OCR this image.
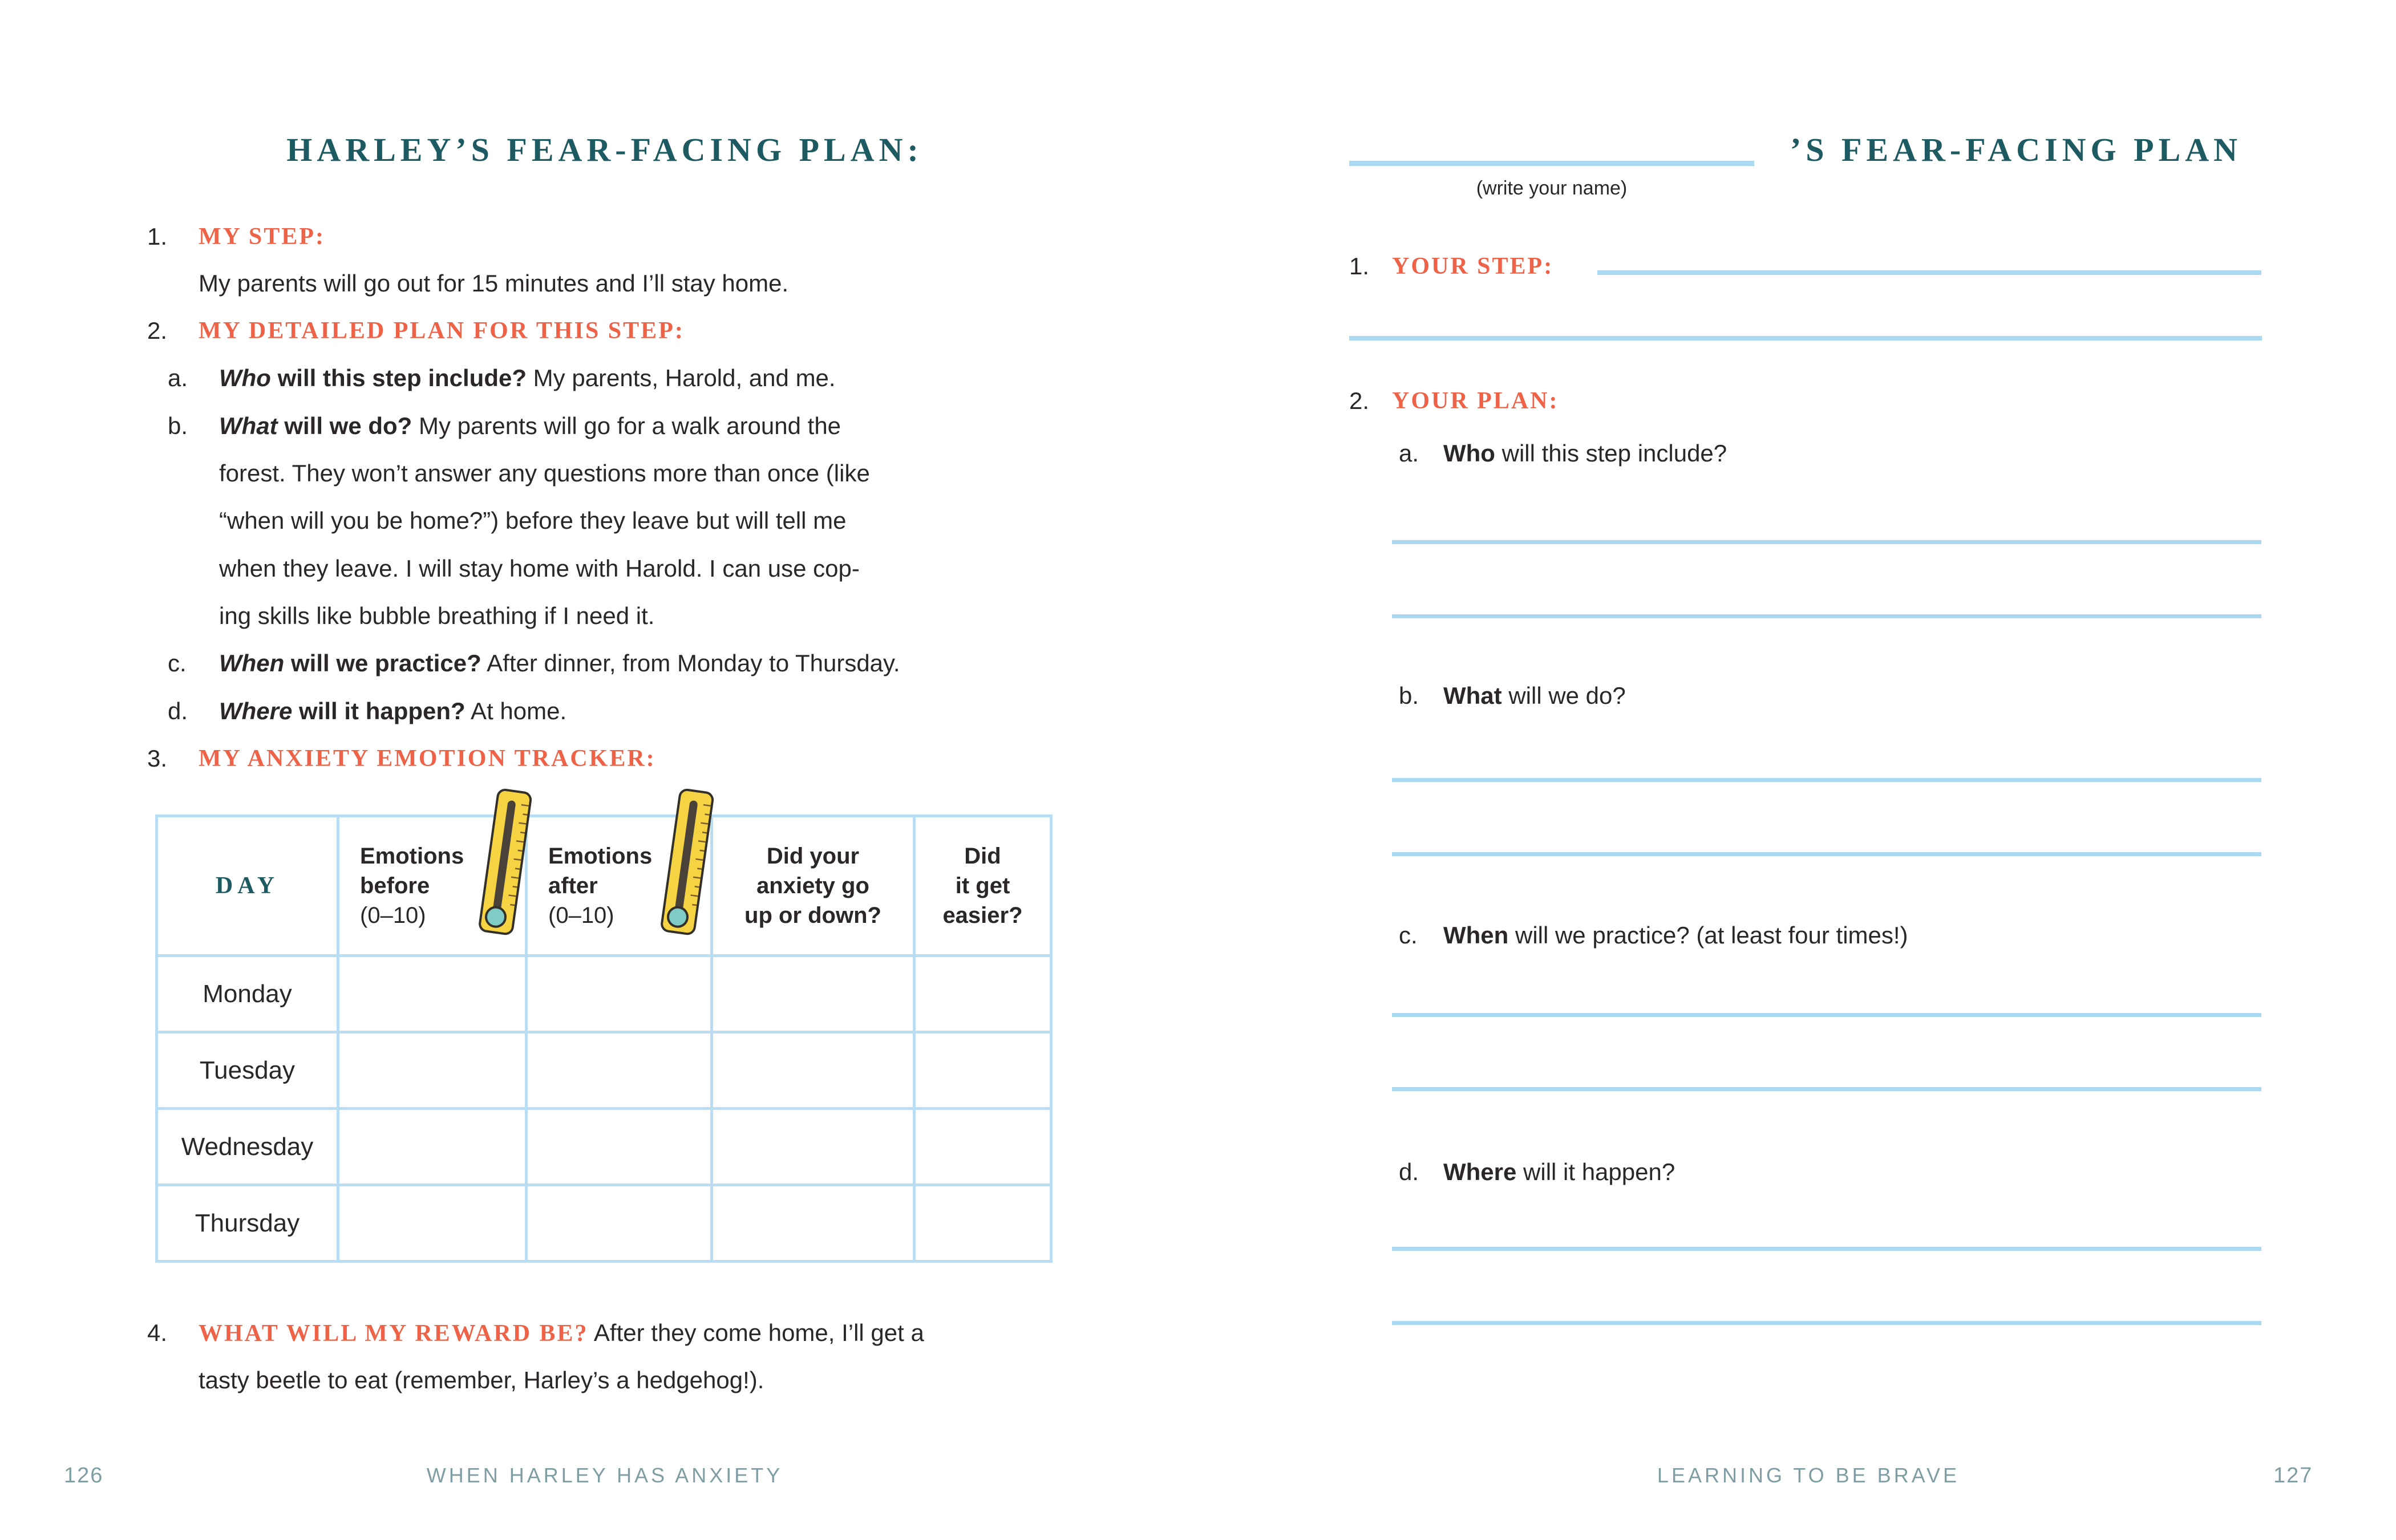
HARLEY’S FEAR-FACING PLAN:
1. MY STEP:
My parents will go out for 15 minutes and I’ll stay home.
2. MY DETAILED PLAN FOR THIS STEP:
a. Who will this step include? My parents, Harold, and me.
b. What will we do? My parents will go for a walk around the
forest. They won’t answer any questions more than once (like
“when will you be home?”) before they leave but will tell me
when they leave. I will stay home with Harold. I can use cop-
ing skills like bubble breathing if I need it.
c. When will we practice? After dinner, from Monday to Thursday.
d. Where will it happen? At home.
3. MY ANXIETY EMOTION TRACKER:
DAY
Emotions
before
(0–10)
Emotions
after
(0–10)
Did your
anxiety go
up or down?
Did
it get
easier?
Monday
Tuesday
Wednesday
Thursday
4. WHAT WILL MY REWARD BE? After they come home, I’ll get a
tasty beetle to eat (remember, Harley’s a hedgehog!).
126	WHEN HARLEY HAS ANXIETY
’S FEAR-FACING PLAN
(write your name)
1. YOUR STEP:
2. YOUR PLAN:
a. Who will this step include?
b. What will we do?
c. When will we practice? (at least four times!)
d. Where will it happen?
LEARNING TO BE BRAVE	127
